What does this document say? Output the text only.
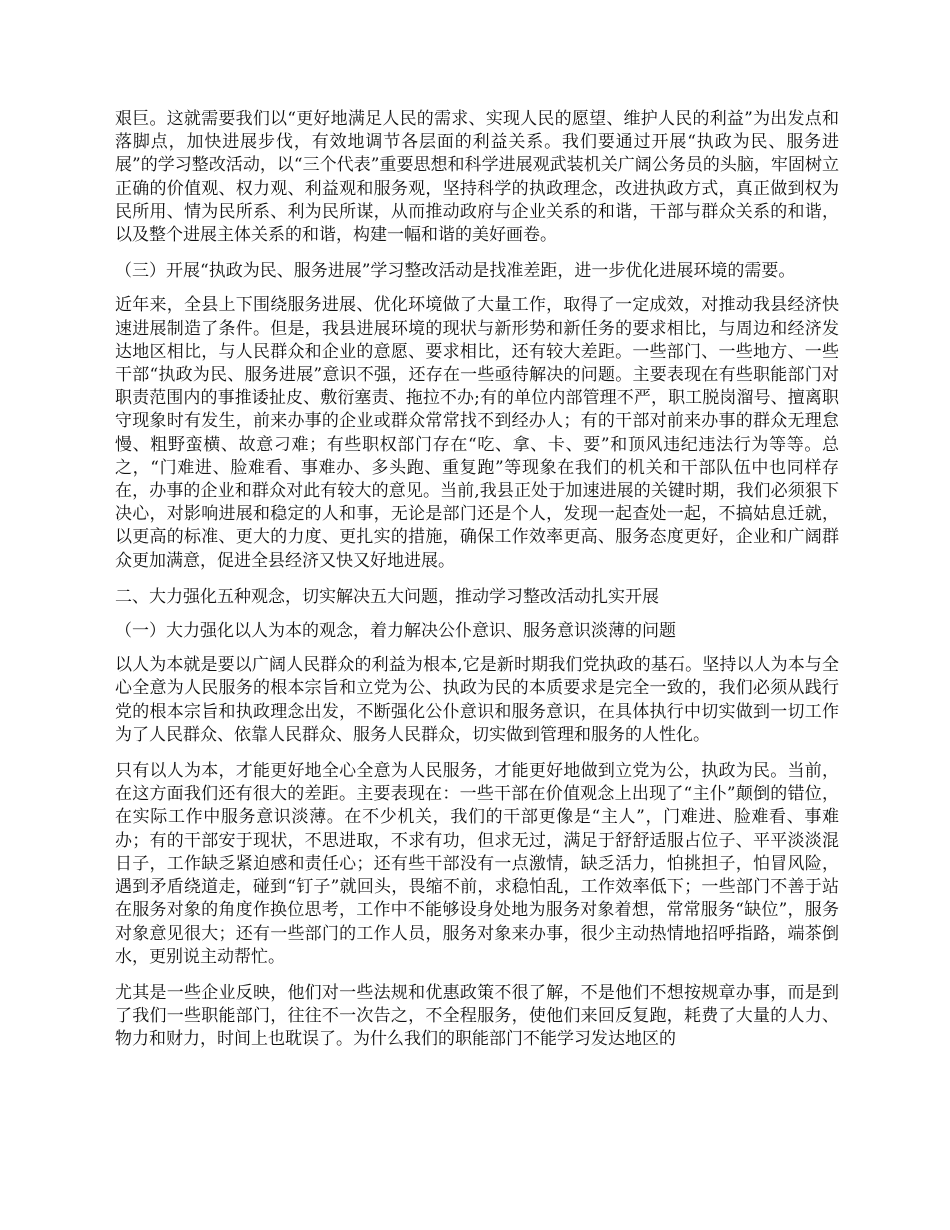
艰巨。这就需要我们以“更好地满足人民的需求、实现人民的愿望、维护人民的利益”为出发点和落脚点，加快进展步伐，有效地调节各层面的利益关系。我们要通过开展“执政为民、服务进展”的学习整改活动，以“三个代表”重要思想和科学进展观武装机关广阔公务员的头脑，牢固树立正确的价值观、权力观、利益观和服务观，坚持科学的执政理念，改进执政方式，真正做到权为民所用、情为民所系、利为民所谋，从而推动政府与企业关系的和谐，干部与群众关系的和谐，以及整个进展主体关系的和谐，构建一幅和谐的美好画卷。

（三）开展“执政为民、服务进展”学习整改活动是找准差距，进一步优化进展环境的需要。

近年来，全县上下围绕服务进展、优化环境做了大量工作，取得了一定成效，对推动我县经济快速进展制造了条件。但是，我县进展环境的现状与新形势和新任务的要求相比，与周边和经济发达地区相比，与人民群众和企业的意愿、要求相比，还有较大差距。一些部门、一些地方、一些干部“执政为民、服务进展”意识不强，还存在一些亟待解决的问题。主要表现在有些职能部门对职责范围内的事推诿扯皮、敷衍塞责、拖拉不办;有的单位内部管理不严，职工脱岗溜号、擅离职守现象时有发生，前来办事的企业或群众常常找不到经办人；有的干部对前来办事的群众无理怠慢、粗野蛮横、故意刁难；有些职权部门存在“吃、拿、卡、要”和顶风违纪违法行为等等。总之，“门难进、脸难看、事难办、多头跑、重复跑”等现象在我们的机关和干部队伍中也同样存在，办事的企业和群众对此有较大的意见。当前,我县正处于加速进展的关键时期，我们必须狠下决心，对影响进展和稳定的人和事，无论是部门还是个人，发现一起查处一起，不搞姑息迁就，以更高的标准、更大的力度、更扎实的措施，确保工作效率更高、服务态度更好，企业和广阔群众更加满意，促进全县经济又快又好地进展。

二、大力强化五种观念，切实解决五大问题，推动学习整改活动扎实开展

（一）大力强化以人为本的观念，着力解决公仆意识、服务意识淡薄的问题

以人为本就是要以广阔人民群众的利益为根本,它是新时期我们党执政的基石。坚持以人为本与全心全意为人民服务的根本宗旨和立党为公、执政为民的本质要求是完全一致的，我们必须从践行党的根本宗旨和执政理念出发，不断强化公仆意识和服务意识，在具体执行中切实做到一切工作为了人民群众、依靠人民群众、服务人民群众，切实做到管理和服务的人性化。

只有以人为本，才能更好地全心全意为人民服务，才能更好地做到立党为公，执政为民。当前，在这方面我们还有很大的差距。主要表现在：一些干部在价值观念上出现了“主仆”颠倒的错位，在实际工作中服务意识淡薄。在不少机关，我们的干部更像是“主人”，门难进、脸难看、事难办；有的干部安于现状，不思进取，不求有功，但求无过，满足于舒舒适服占位子、平平淡淡混日子，工作缺乏紧迫感和责任心；还有些干部没有一点激情，缺乏活力，怕挑担子，怕冒风险，遇到矛盾绕道走，碰到“钉子”就回头，畏缩不前，求稳怕乱，工作效率低下；一些部门不善于站在服务对象的角度作换位思考，工作中不能够设身处地为服务对象着想，常常服务“缺位”，服务对象意见很大；还有一些部门的工作人员，服务对象来办事，很少主动热情地招呼指路，端茶倒水，更别说主动帮忙。

尤其是一些企业反映，他们对一些法规和优惠政策不很了解，不是他们不想按规章办事，而是到了我们一些职能部门，往往不一次告之，不全程服务，使他们来回反复跑，耗费了大量的人力、物力和财力，时间上也耽误了。为什么我们的职能部门不能学习发达地区的
